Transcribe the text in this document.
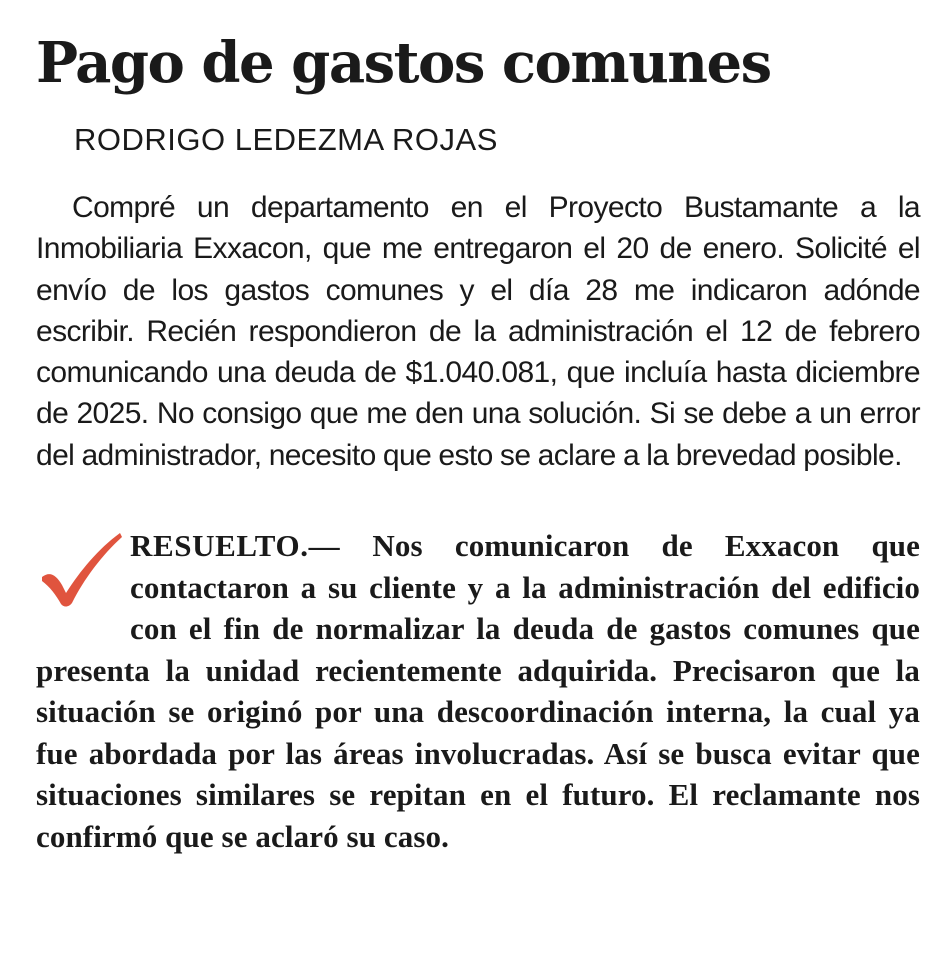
Pago de gastos comunes
RODRIGO LEDEZMA ROJAS

Compré un departamento en el Proyecto Bustamante a la Inmobiliaria Exxacon, que me entregaron el 20 de enero. Solicité el envío de los gastos comunes y el día 28 me indicaron adónde escribir. Recién respondieron de la administración el 12 de febrero comunicando una deuda de $1.040.081, que incluía hasta diciembre de 2025. No consigo que me den una solución. Si se debe a un error del administrador, necesito que esto se aclare a la brevedad posible.

RESUELTO.— Nos comunicaron de Exxacon que contactaron a su cliente y a la administración del edificio con el fin de normalizar la deuda de gastos comunes que presenta la unidad recientemente adquirida. Precisaron que la situación se originó por una descoordinación interna, la cual ya fue abordada por las áreas involucradas. Así se busca evitar que situaciones similares se repitan en el futuro. El reclamante nos confirmó que se aclaró su caso.
